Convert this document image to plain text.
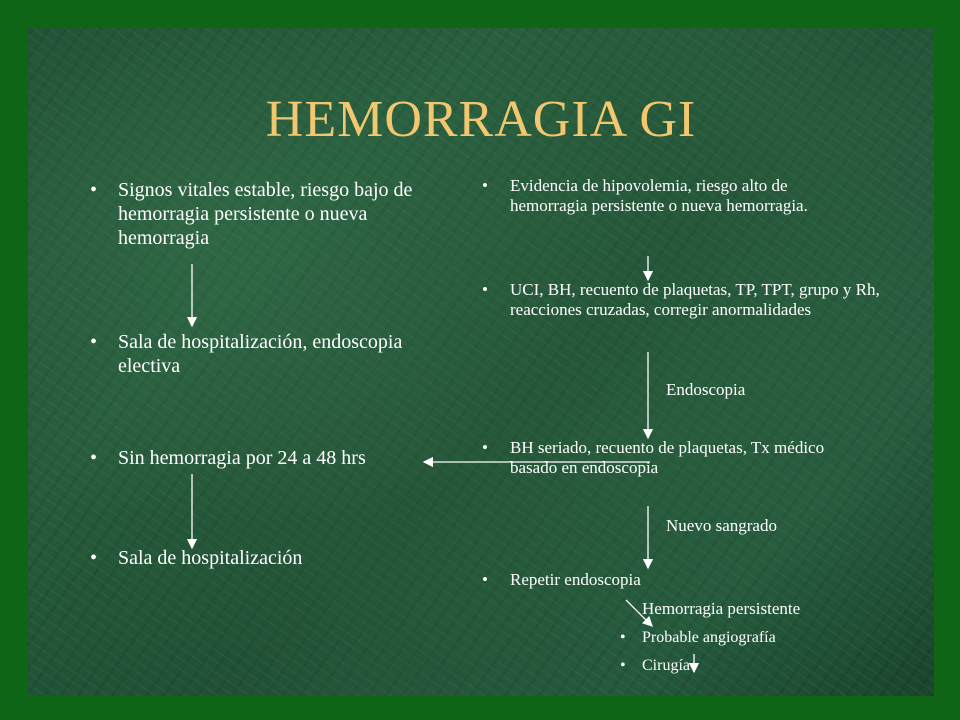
HEMORRAGIA GI
• Signos vitales estable, riesgo bajo de hemorragia persistente o nueva hemorragia
• Sala de hospitalización, endoscopia electiva
• Sin hemorragia por 24 a 48 hrs
• Sala de hospitalización
• Evidencia de hipovolemia, riesgo alto de hemorragia persistente o nueva hemorragia.
• UCI, BH, recuento de plaquetas, TP, TPT, grupo y Rh, reacciones cruzadas, corregir anormalidades
Endoscopia
• BH seriado, recuento de plaquetas, Tx médico basado en endoscopia
Nuevo sangrado
• Repetir endoscopia
Hemorragia persistente
• Probable angiografía
• Cirugía
